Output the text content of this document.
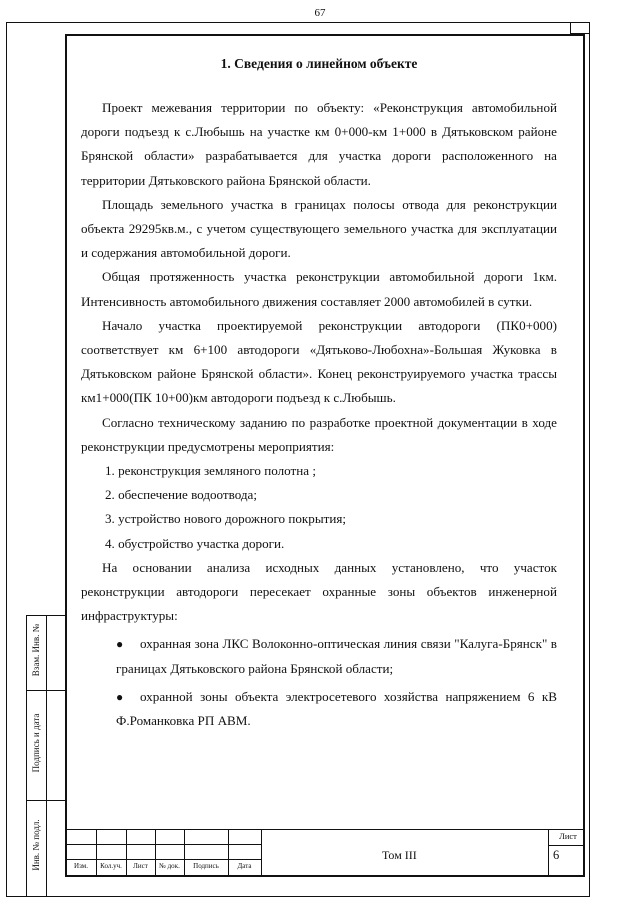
67
Взам. Инв. №
Подпись и дата
Инв. № подл.
1. Сведения о линейном объекте

Проект межевания территории по объекту: «Реконструкция автомобильной дороги подъезд к с.Любышь на участке км 0+000-км 1+000 в Дятьковском районе Брянской области» разрабатывается для участка дороги расположенного на территории Дятьковского района Брянской области.

Площадь земельного участка в границах полосы отвода для реконструкции объекта 29295кв.м., с учетом существующего земельного участка для эксплуатации и содержания автомобильной дороги.

Общая протяженность участка реконструкции автомобильной дороги 1км. Интенсивность автомобильного движения составляет 2000 автомобилей в сутки.

Начало участка проектируемой реконструкции автодороги (ПК0+000) соответствует км 6+100 автодороги «Дятьково-Любохна»-Большая Жуковка в Дятьковском районе Брянской области». Конец реконструируемого участка трассы км1+000(ПК 10+00)км автодороги подъезд к с.Любышь.

Согласно техническому заданию по разработке проектной документации в ходе реконструкции предусмотрены мероприятия:

1. реконструкция земляного полотна ;
2. обеспечение водоотвода;
3. устройство нового дорожного покрытия;
4. обустройство участка дороги.

На основании анализа исходных данных установлено, что участок реконструкции автодороги пересекает охранные зоны объектов инженерной инфраструктуры:

● охранная зона ЛКС Волоконно-оптическая линия связи "Калуга-Брянск" в границах Дятьковского района Брянской области;
● охранной зоны объекта электросетевого хозяйства напряжением 6 кВ Ф.Романковка РП АВМ.
Изм.	Кол.уч.	Лист	№ док.	Подпись	Дата
Том III
Лист
6
